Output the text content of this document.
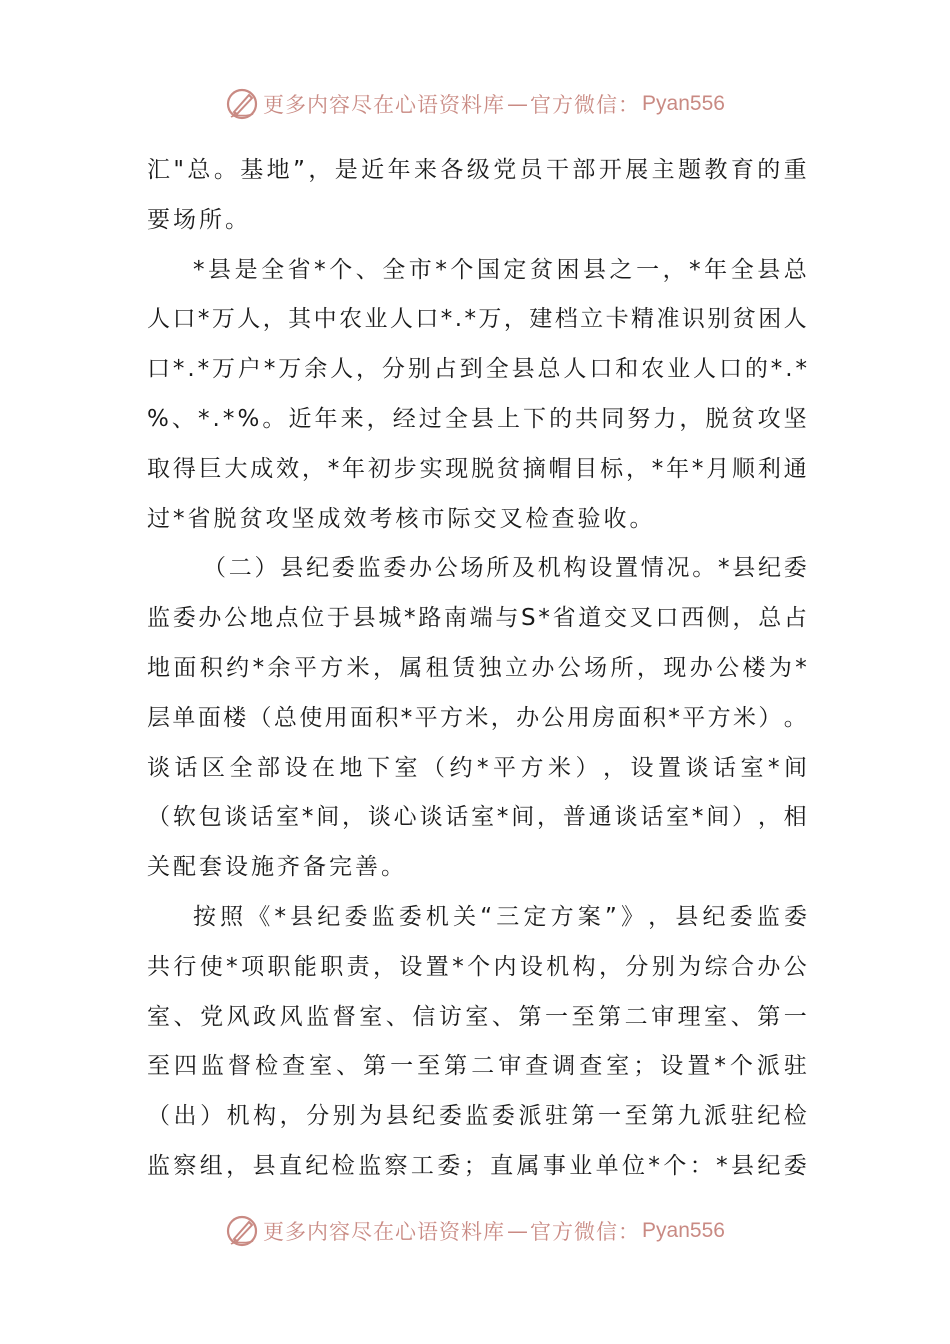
更多内容尽在心语资料库 — 官方微信： Pyan556
汇 " 总 。 基 地 ” ， 是 近 年 来 各 级 党 员 干 部 开 展 主 题 教 育 的 重
要场所。
* 县 是 全 省 * 个 、 全 市 * 个 国 定 贫 困 县 之 一 ， * 年 全 县 总
人 口 * 万 人 ， 其 中 农 业 人 口 * . * 万 ， 建 档 立 卡 精 准 识 别 贫 困 人
口 * . * 万 户 * 万 余 人 ， 分 别 占 到 全 县 总 人 口 和 农 业 人 口 的 * . *
% 、 * . * % 。 近 年 来 ， 经 过 全 县 上 下 的 共 同 努 力 ， 脱 贫 攻 坚
取 得 巨 大 成 效 ， * 年 初 步 实 现 脱 贫 摘 帽 目 标 ， * 年 * 月 顺 利 通
过*省脱贫攻坚成效考核市际交叉检查验收。
（ 二 ） 县 纪 委 监 委 办 公 场 所 及 机 构 设 置 情 况 。 * 县 纪 委
监 委 办 公 地 点 位 于 县 城 * 路 南 端 与 S * 省 道 交 叉 口 西 侧 ， 总 占
地 面 积 约 * 余 平 方 米 ， 属 租 赁 独 立 办 公 场 所 ， 现 办 公 楼 为 *
层 单 面 楼 （ 总 使 用 面 积 * 平 方 米 ， 办 公 用 房 面 积 * 平 方 米 ） 。
谈 话 区 全 部 设 在 地 下 室 （ 约 * 平 方 米 ） ， 设 置 谈 话 室 * 间
（ 软 包 谈 话 室 * 间 ， 谈 心 谈 话 室 * 间 ， 普 通 谈 话 室 * 间 ） ， 相
关配套设施齐备完善。
按 照 《 * 县 纪 委 监 委 机 关 “ 三 定 方 案 ” 》 ， 县 纪 委 监 委
共 行 使 * 项 职 能 职 责 ， 设 置 * 个 内 设 机 构 ， 分 别 为 综 合 办 公
室 、 党 风 政 风 监 督 室 、 信 访 室 、 第 一 至 第 二 审 理 室 、 第 一
至 四 监 督 检 查 室 、 第 一 至 第 二 审 查 调 查 室 ； 设 置 * 个 派 驻
（ 出 ） 机 构 ， 分 别 为 县 纪 委 监 委 派 驻 第 一 至 第 九 派 驻 纪 检
监 察 组 ， 县 直 纪 检 监 察 工 委 ； 直 属 事 业 单 位 * 个 ： * 县 纪 委
更多内容尽在心语资料库 — 官方微信： Pyan556
